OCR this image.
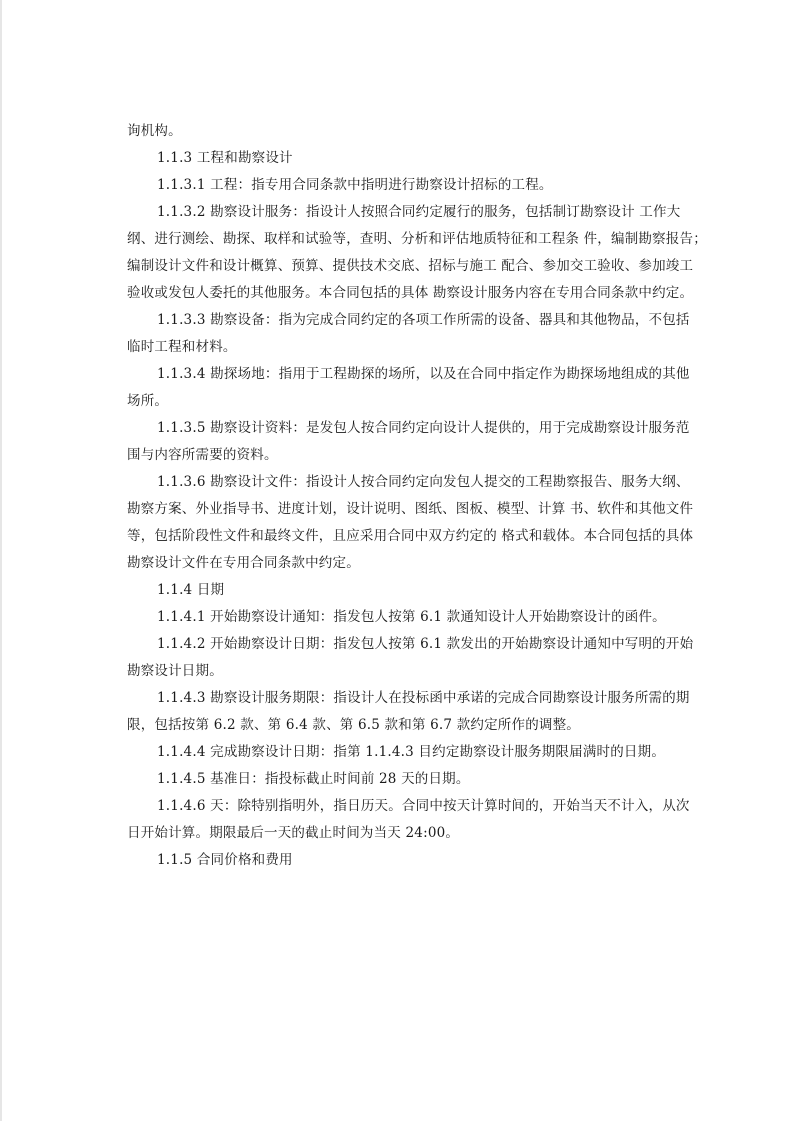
询机构。
1.1.3 工程和勘察设计
1.1.3.1 工程：指专用合同条款中指明进行勘察设计招标的工程。
1.1.3.2 勘察设计服务：指设计人按照合同约定履行的服务，包括制订勘察设计 工作大
纲、进行测绘、勘探、取样和试验等，查明、分析和评估地质特征和工程条 件，编制勘察报告；
编制设计文件和设计概算、预算、提供技术交底、招标与施工 配合、参加交工验收、参加竣工
验收或发包人委托的其他服务。本合同包括的具体 勘察设计服务内容在专用合同条款中约定。
1.1.3.3 勘察设备：指为完成合同约定的各项工作所需的设备、器具和其他物品，不包括
临时工程和材料。
1.1.3.4 勘探场地：指用于工程勘探的场所，以及在合同中指定作为勘探场地组成的其他
场所。
1.1.3.5 勘察设计资料：是发包人按合同约定向设计人提供的，用于完成勘察设计服务范
围与内容所需要的资料。
1.1.3.6 勘察设计文件：指设计人按合同约定向发包人提交的工程勘察报告、服务大纲、
勘察方案、外业指导书、进度计划，设计说明、图纸、图板、模型、计算 书、软件和其他文件
等，包括阶段性文件和最终文件，且应采用合同中双方约定的 格式和载体。本合同包括的具体
勘察设计文件在专用合同条款中约定。
1.1.4 日期
1.1.4.1 开始勘察设计通知：指发包人按第 6.1 款通知设计人开始勘察设计的函件。
1.1.4.2 开始勘察设计日期：指发包人按第 6.1 款发出的开始勘察设计通知中写明的开始
勘察设计日期。
1.1.4.3 勘察设计服务期限：指设计人在投标函中承诺的完成合同勘察设计服务所需的期
限，包括按第 6.2 款、第 6.4 款、第 6.5 款和第 6.7 款约定所作的调整。
1.1.4.4 完成勘察设计日期：指第 1.1.4.3 目约定勘察设计服务期限届满时的日期。
1.1.4.5 基准日：指投标截止时间前 28 天的日期。
1.1.4.6 天：除特别指明外，指日历天。合同中按天计算时间的，开始当天不计入，从次
日开始计算。期限最后一天的截止时间为当天 24:00。
1.1.5 合同价格和费用
